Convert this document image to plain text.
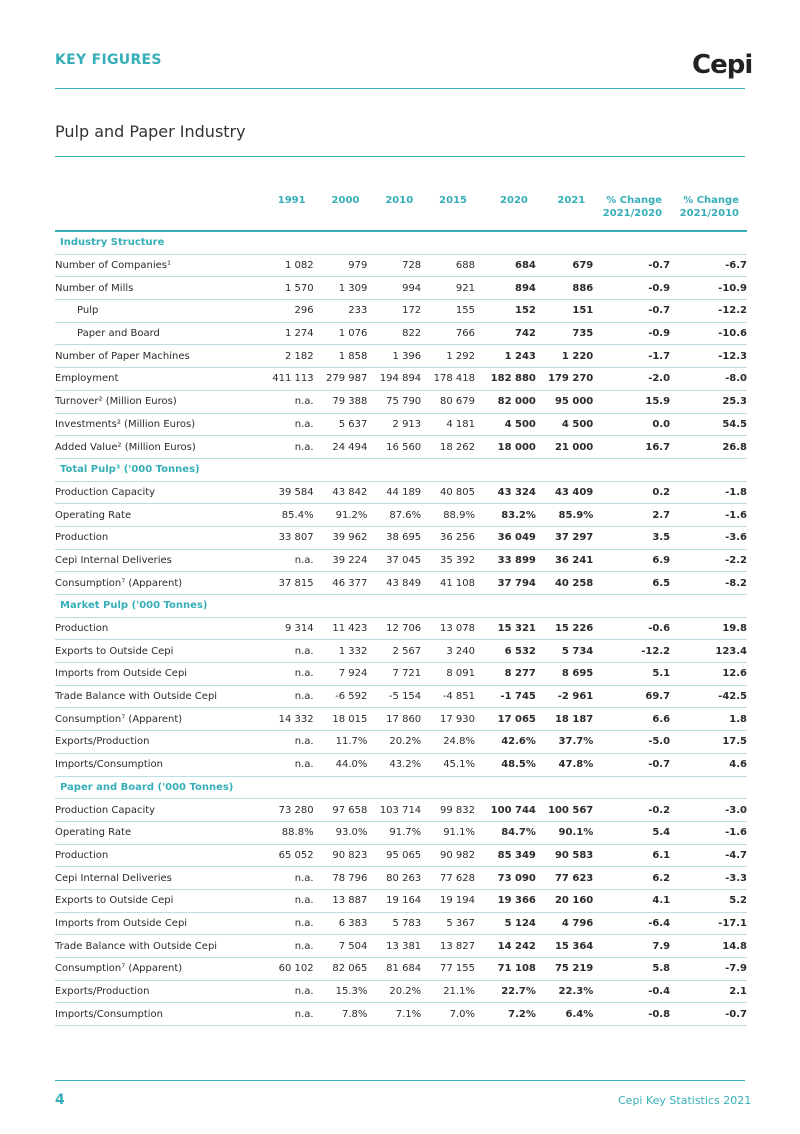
KEY FIGURES	Cepi
Pulp and Paper Industry
	1991	2000	2010	2015	2020	2021	% Change 2021/2020	% Change 2021/2010
Industry Structure								
Number of Companies¹	1 082	979	728	688	684	679	-0.7	-6.7
Number of Mills	1 570	1 309	994	921	894	886	-0.9	-10.9
Pulp	296	233	172	155	152	151	-0.7	-12.2
Paper and Board	1 274	1 076	822	766	742	735	-0.9	-10.6
Number of Paper Machines	2 182	1 858	1 396	1 292	1 243	1 220	-1.7	-12.3
Employment	411 113	279 987	194 894	178 418	182 880	179 270	-2.0	-8.0
Turnover² (Million Euros)	n.a.	79 388	75 790	80 679	82 000	95 000	15.9	25.3
Investments² (Million Euros)	n.a.	5 637	2 913	4 181	4 500	4 500	0.0	54.5
Added Value² (Million Euros)	n.a.	24 494	16 560	18 262	18 000	21 000	16.7	26.8
Total Pulp³ ('000 Tonnes)								
Production Capacity	39 584	43 842	44 189	40 805	43 324	43 409	0.2	-1.8
Operating Rate	85.4%	91.2%	87.6%	88.9%	83.2%	85.9%	2.7	-1.6
Production	33 807	39 962	38 695	36 256	36 049	37 297	3.5	-3.6
Cepi Internal Deliveries	n.a.	39 224	37 045	35 392	33 899	36 241	6.9	-2.2
Consumption⁷ (Apparent)	37 815	46 377	43 849	41 108	37 794	40 258	6.5	-8.2
Market Pulp ('000 Tonnes)								
Production	9 314	11 423	12 706	13 078	15 321	15 226	-0.6	19.8
Exports to Outside Cepi	n.a.	1 332	2 567	3 240	6 532	5 734	-12.2	123.4
Imports from Outside Cepi	n.a.	7 924	7 721	8 091	8 277	8 695	5.1	12.6
Trade Balance with Outside Cepi	n.a.	-6 592	-5 154	-4 851	-1 745	-2 961	69.7	-42.5
Consumption⁷ (Apparent)	14 332	18 015	17 860	17 930	17 065	18 187	6.6	1.8
Exports/Production	n.a.	11.7%	20.2%	24.8%	42.6%	37.7%	-5.0	17.5
Imports/Consumption	n.a.	44.0%	43.2%	45.1%	48.5%	47.8%	-0.7	4.6
Paper and Board ('000 Tonnes)								
Production Capacity	73 280	97 658	103 714	99 832	100 744	100 567	-0.2	-3.0
Operating Rate	88.8%	93.0%	91.7%	91.1%	84.7%	90.1%	5.4	-1.6
Production	65 052	90 823	95 065	90 982	85 349	90 583	6.1	-4.7
Cepi Internal Deliveries	n.a.	78 796	80 263	77 628	73 090	77 623	6.2	-3.3
Exports to Outside Cepi	n.a.	13 887	19 164	19 194	19 366	20 160	4.1	5.2
Imports from Outside Cepi	n.a.	6 383	5 783	5 367	5 124	4 796	-6.4	-17.1
Trade Balance with Outside Cepi	n.a.	7 504	13 381	13 827	14 242	15 364	7.9	14.8
Consumption⁷ (Apparent)	60 102	82 065	81 684	77 155	71 108	75 219	5.8	-7.9
Exports/Production	n.a.	15.3%	20.2%	21.1%	22.7%	22.3%	-0.4	2.1
Imports/Consumption	n.a.	7.8%	7.1%	7.0%	7.2%	6.4%	-0.8	-0.7
4	Cepi Key Statistics 2021
